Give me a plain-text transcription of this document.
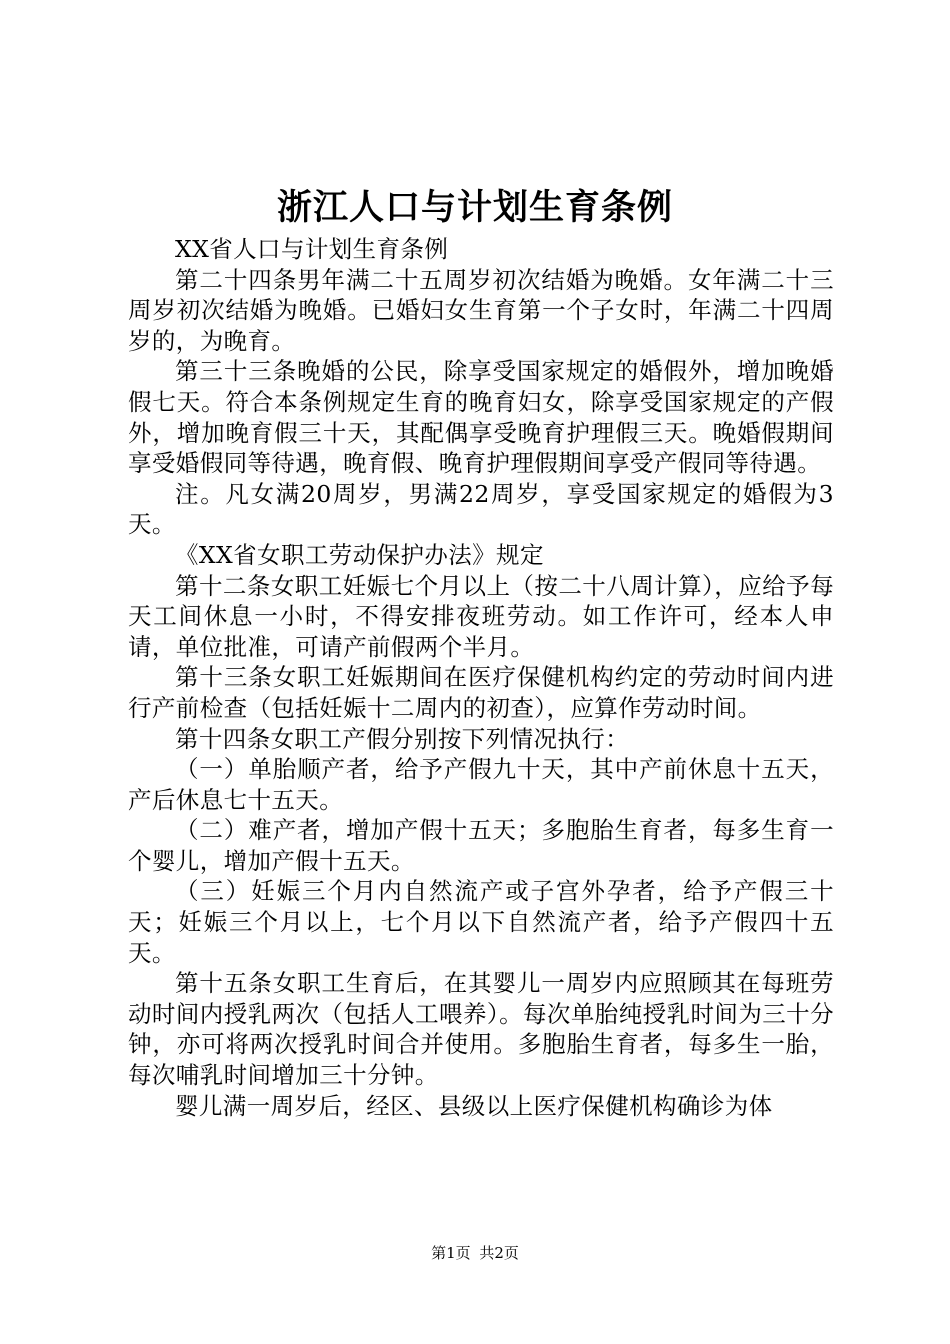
浙江人口与计划生育条例

XX省人口与计划生育条例

第二十四条男年满二十五周岁初次结婚为晚婚。女年满二十三周岁初次结婚为晚婚。已婚妇女生育第一个子女时，年满二十四周岁的，为晚育。

第三十三条晚婚的公民，除享受国家规定的婚假外，增加晚婚假七天。符合本条例规定生育的晚育妇女，除享受国家规定的产假外，增加晚育假三十天，其配偶享受晚育护理假三天。晚婚假期间享受婚假同等待遇，晚育假、晚育护理假期间享受产假同等待遇。

注。凡女满20周岁，男满22周岁，享受国家规定的婚假为3天。

《XX省女职工劳动保护办法》规定

第十二条女职工妊娠七个月以上（按二十八周计算），应给予每天工间休息一小时，不得安排夜班劳动。如工作许可，经本人申请，单位批准，可请产前假两个半月。

第十三条女职工妊娠期间在医疗保健机构约定的劳动时间内进行产前检查（包括妊娠十二周内的初查），应算作劳动时间。

第十四条女职工产假分别按下列情况执行：

（一）单胎顺产者，给予产假九十天，其中产前休息十五天，产后休息七十五天。

（二）难产者，增加产假十五天；多胞胎生育者，每多生育一个婴儿，增加产假十五天。

（三）妊娠三个月内自然流产或子宫外孕者，给予产假三十天；妊娠三个月以上，七个月以下自然流产者，给予产假四十五天。

第十五条女职工生育后，在其婴儿一周岁内应照顾其在每班劳动时间内授乳两次（包括人工喂养）。每次单胎纯授乳时间为三十分钟，亦可将两次授乳时间合并使用。多胞胎生育者，每多生一胎，每次哺乳时间增加三十分钟。

婴儿满一周岁后，经区、县级以上医疗保健机构确诊为体

第1页 共2页
